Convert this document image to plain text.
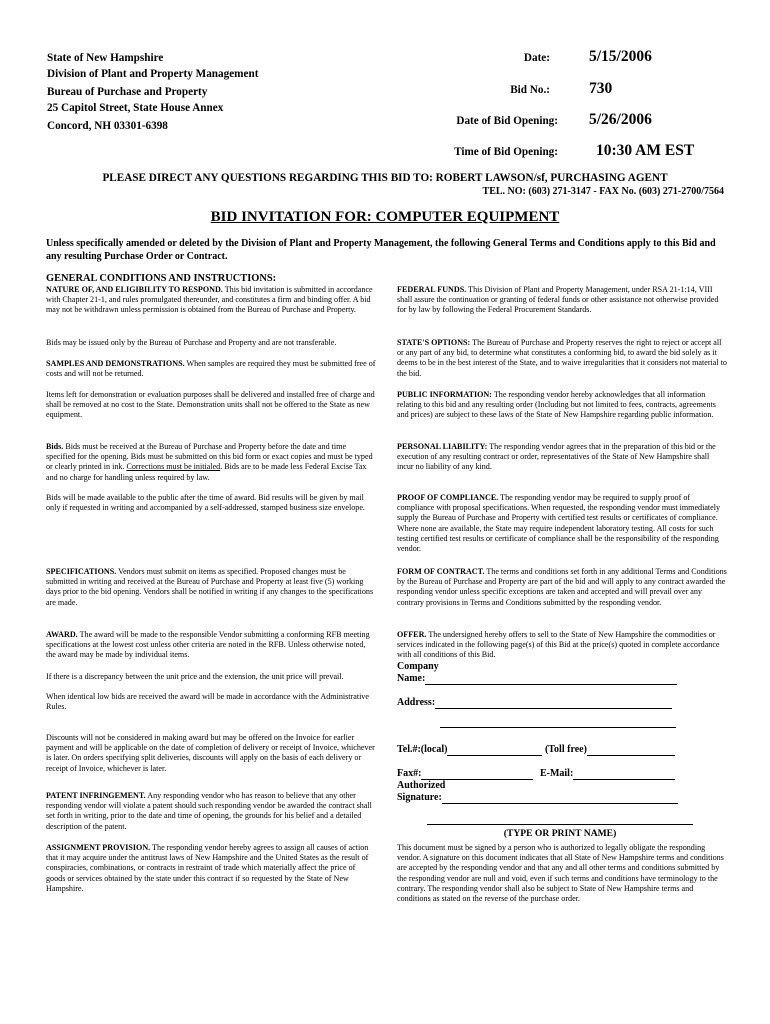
State of New Hampshire
Division of Plant and Property Management
Bureau of Purchase and Property
25 Capitol Street, State House Annex
Concord, NH 03301-6398
Date:	5/15/2006
Bid No.:	730
Date of Bid Opening: 5/26/2006
Time of Bid Opening: 10:30 AM EST
PLEASE DIRECT ANY QUESTIONS REGARDING THIS BID TO: ROBERT LAWSON/sf, PURCHASING AGENT
TEL. NO: (603) 271-3147 - FAX No. (603) 271-2700/7564
BID INVITATION FOR: COMPUTER EQUIPMENT
Unless specifically amended or deleted by the Division of Plant and Property Management, the following General Terms and Conditions apply to this Bid and any resulting Purchase Order or Contract.
GENERAL CONDITIONS AND INSTRUCTIONS:

NATURE OF, AND ELIGIBILITY TO RESPOND. This bid invitation is submitted in accordance with Chapter 21-1, and rules promulgated thereunder, and constitutes a firm and binding offer. A bid may not be withdrawn unless permission is obtained from the Bureau of Purchase and Property.

Bids may be issued only by the Bureau of Purchase and Property and are not transferable.

SAMPLES AND DEMONSTRATIONS. When samples are required they must be submitted free of costs and will not be returned.

Items left for demonstration or evaluation purposes shall be delivered and installed free of charge and shall be removed at no cost to the State. Demonstration units shall not be offered to the State as new equipment.

Bids. Bids must be received at the Bureau of Purchase and Property before the date and time specified for the opening. Bids must be submitted on this bid form or exact copies and must be typed or clearly printed in ink. Corrections must be initialed. Bids are to be made less Federal Excise Tax and no charge for handling unless required by law.

Bids will be made available to the public after the time of award. Bid results will be given by mail only if requested in writing and accompanied by a self-addressed, stamped business size envelope.

SPECIFICATIONS. Vendors must submit on items as specified. Proposed changes must be submitted in writing and received at the Bureau of Purchase and Property at least five (5) working days prior to the bid opening. Vendors shall be notified in writing if any changes to the specifications are made.

AWARD. The award will be made to the responsible Vendor submitting a conforming RFB meeting specifications at the lowest cost unless other criteria are noted in the RFB. Unless otherwise noted, the award may be made by individual items.

If there is a discrepancy between the unit price and the extension, the unit price will prevail.

When identical low bids are received the award will be made in accordance with the Administrative Rules.

Discounts will not be considered in making award but may be offered on the Invoice for earlier payment and will be applicable on the date of completion of delivery or receipt of Invoice, whichever is later. On orders specifying split deliveries, discounts will apply on the basis of each delivery or receipt of Invoice, whichever is later.

PATENT INFRINGEMENT. Any responding vendor who has reason to believe that any other responding vendor will violate a patent should such responding vendor be awarded the contract shall set forth in writing, prior to the date and time of opening, the grounds for his belief and a detailed description of the patent.

ASSIGNMENT PROVISION. The responding vendor hereby agrees to assign all causes of action that it may acquire under the antitrust laws of New Hampshire and the United States as the result of conspiracies, combinations, or contracts in restraint of trade which materially affect the price of goods or services obtained by the state under this contract if so requested by the State of New Hampshire.

FEDERAL FUNDS. This Division of Plant and Property Management, under RSA 21-1:14, VIII shall assure the continuation or granting of federal funds or other assistance not otherwise provided for by law by following the Federal Procurement Standards.

STATE'S OPTIONS: The Bureau of Purchase and Property reserves the right to reject or accept all or any part of any bid, to determine what constitutes a conforming bid, to award the bid solely as it deems to be in the best interest of the State, and to waive irregularities that it considers not material to the bid.

PUBLIC INFORMATION: The responding vendor hereby acknowledges that all information relating to this bid and any resulting order (Including but not limited to fees, contracts, agreements and prices) are subject to these laws of the State of New Hampshire regarding public information.

PERSONAL LIABILITY: The responding vendor agrees that in the preparation of this bid or the execution of any resulting contract or order, representatives of the State of New Hampshire shall incur no liability of any kind.

PROOF OF COMPLIANCE. The responding vendor may be required to supply proof of compliance with proposal specifications. When requested, the responding vendor must immediately supply the Bureau of Purchase and Property with certified test results or certificates of compliance. Where none are available, the State may require independent laboratory testing. All costs for such testing certified test results or certificate of compliance shall be the responsibility of the responding vendor.

FORM OF CONTRACT. The terms and conditions set forth in any additional Terms and Conditions by the Bureau of Purchase and Property are part of the bid and will apply to any contract awarded the responding vendor unless specific exceptions are taken and accepted and will prevail over any contrary provisions in Terms and Conditions submitted by the responding vendor.

OFFER. The undersigned hereby offers to sell to the State of New Hampshire the commodities or services indicated in the following page(s) of this Bid at the price(s) quoted in complete accordance with all conditions of this Bid.

Company
Name:
Address:
Tel.#:(local)	(Toll free)
Fax#:	E-Mail:
Authorized
Signature:
(TYPE OR PRINT NAME)

This document must be signed by a person who is authorized to legally obligate the responding vendor. A signature on this document indicates that all State of New Hampshire terms and conditions are accepted by the responding vendor and that any and all other terms and conditions submitted by the responding vendor are null and void, even if such terms and conditions have terminology to the contrary. The responding vendor shall also be subject to State of New Hampshire terms and conditions as stated on the reverse of the purchase order.
